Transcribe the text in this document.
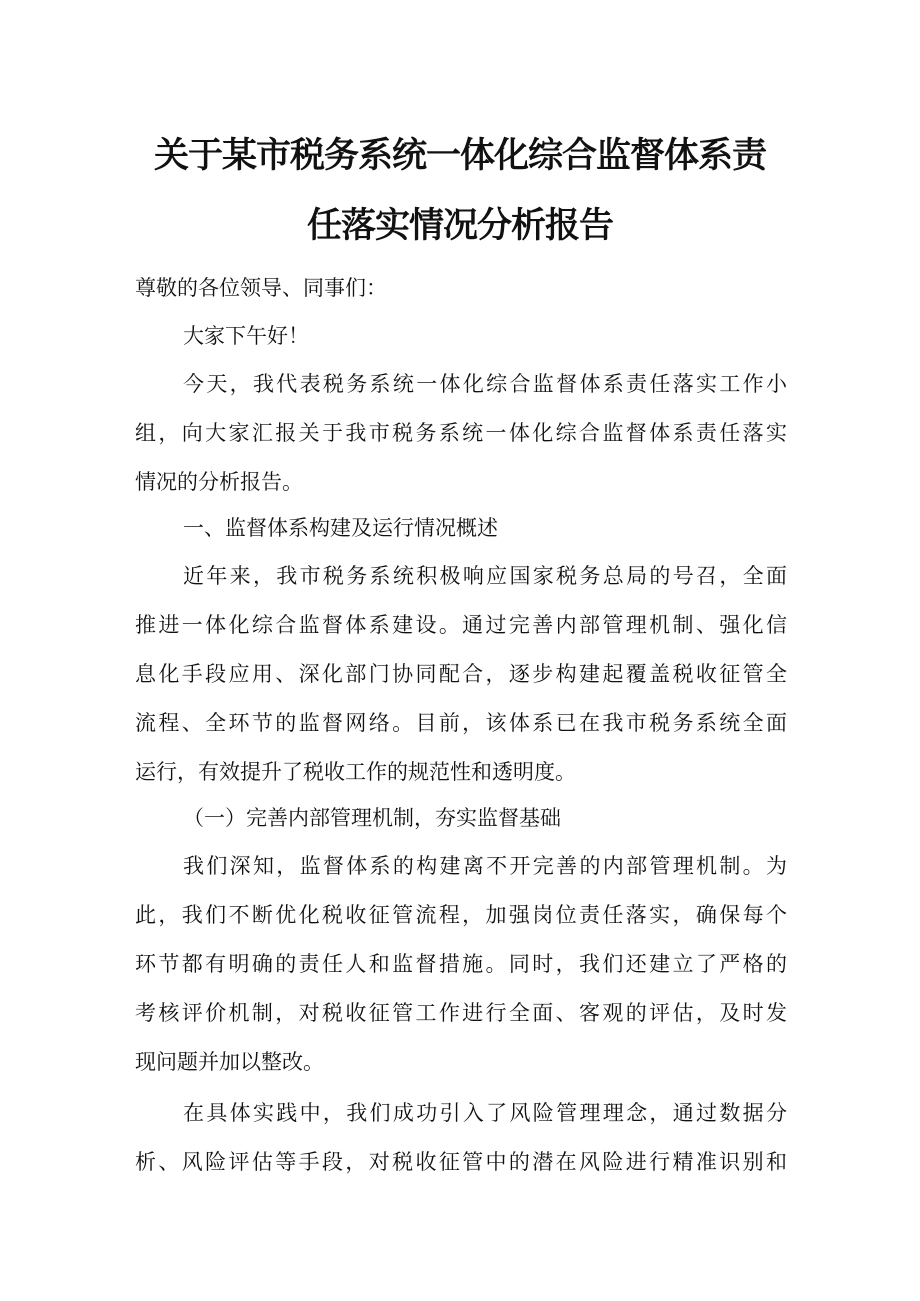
关于某市税务系统一体化综合监督体系责
任落实情况分析报告
尊敬的各位领导、同事们：
大家下午好！
今天，我代表税务系统一体化综合监督体系责任落实工作小
组，向大家汇报关于我市税务系统一体化综合监督体系责任落实
情况的分析报告。
一、监督体系构建及运行情况概述
近年来，我市税务系统积极响应国家税务总局的号召，全面
推进一体化综合监督体系建设。通过完善内部管理机制、强化信
息化手段应用、深化部门协同配合，逐步构建起覆盖税收征管全
流程、全环节的监督网络。目前，该体系已在我市税务系统全面
运行，有效提升了税收工作的规范性和透明度。
（一）完善内部管理机制，夯实监督基础
我们深知，监督体系的构建离不开完善的内部管理机制。为
此，我们不断优化税收征管流程，加强岗位责任落实，确保每个
环节都有明确的责任人和监督措施。同时，我们还建立了严格的
考核评价机制，对税收征管工作进行全面、客观的评估，及时发
现问题并加以整改。
在具体实践中，我们成功引入了风险管理理念，通过数据分
析、风险评估等手段，对税收征管中的潜在风险进行精准识别和
